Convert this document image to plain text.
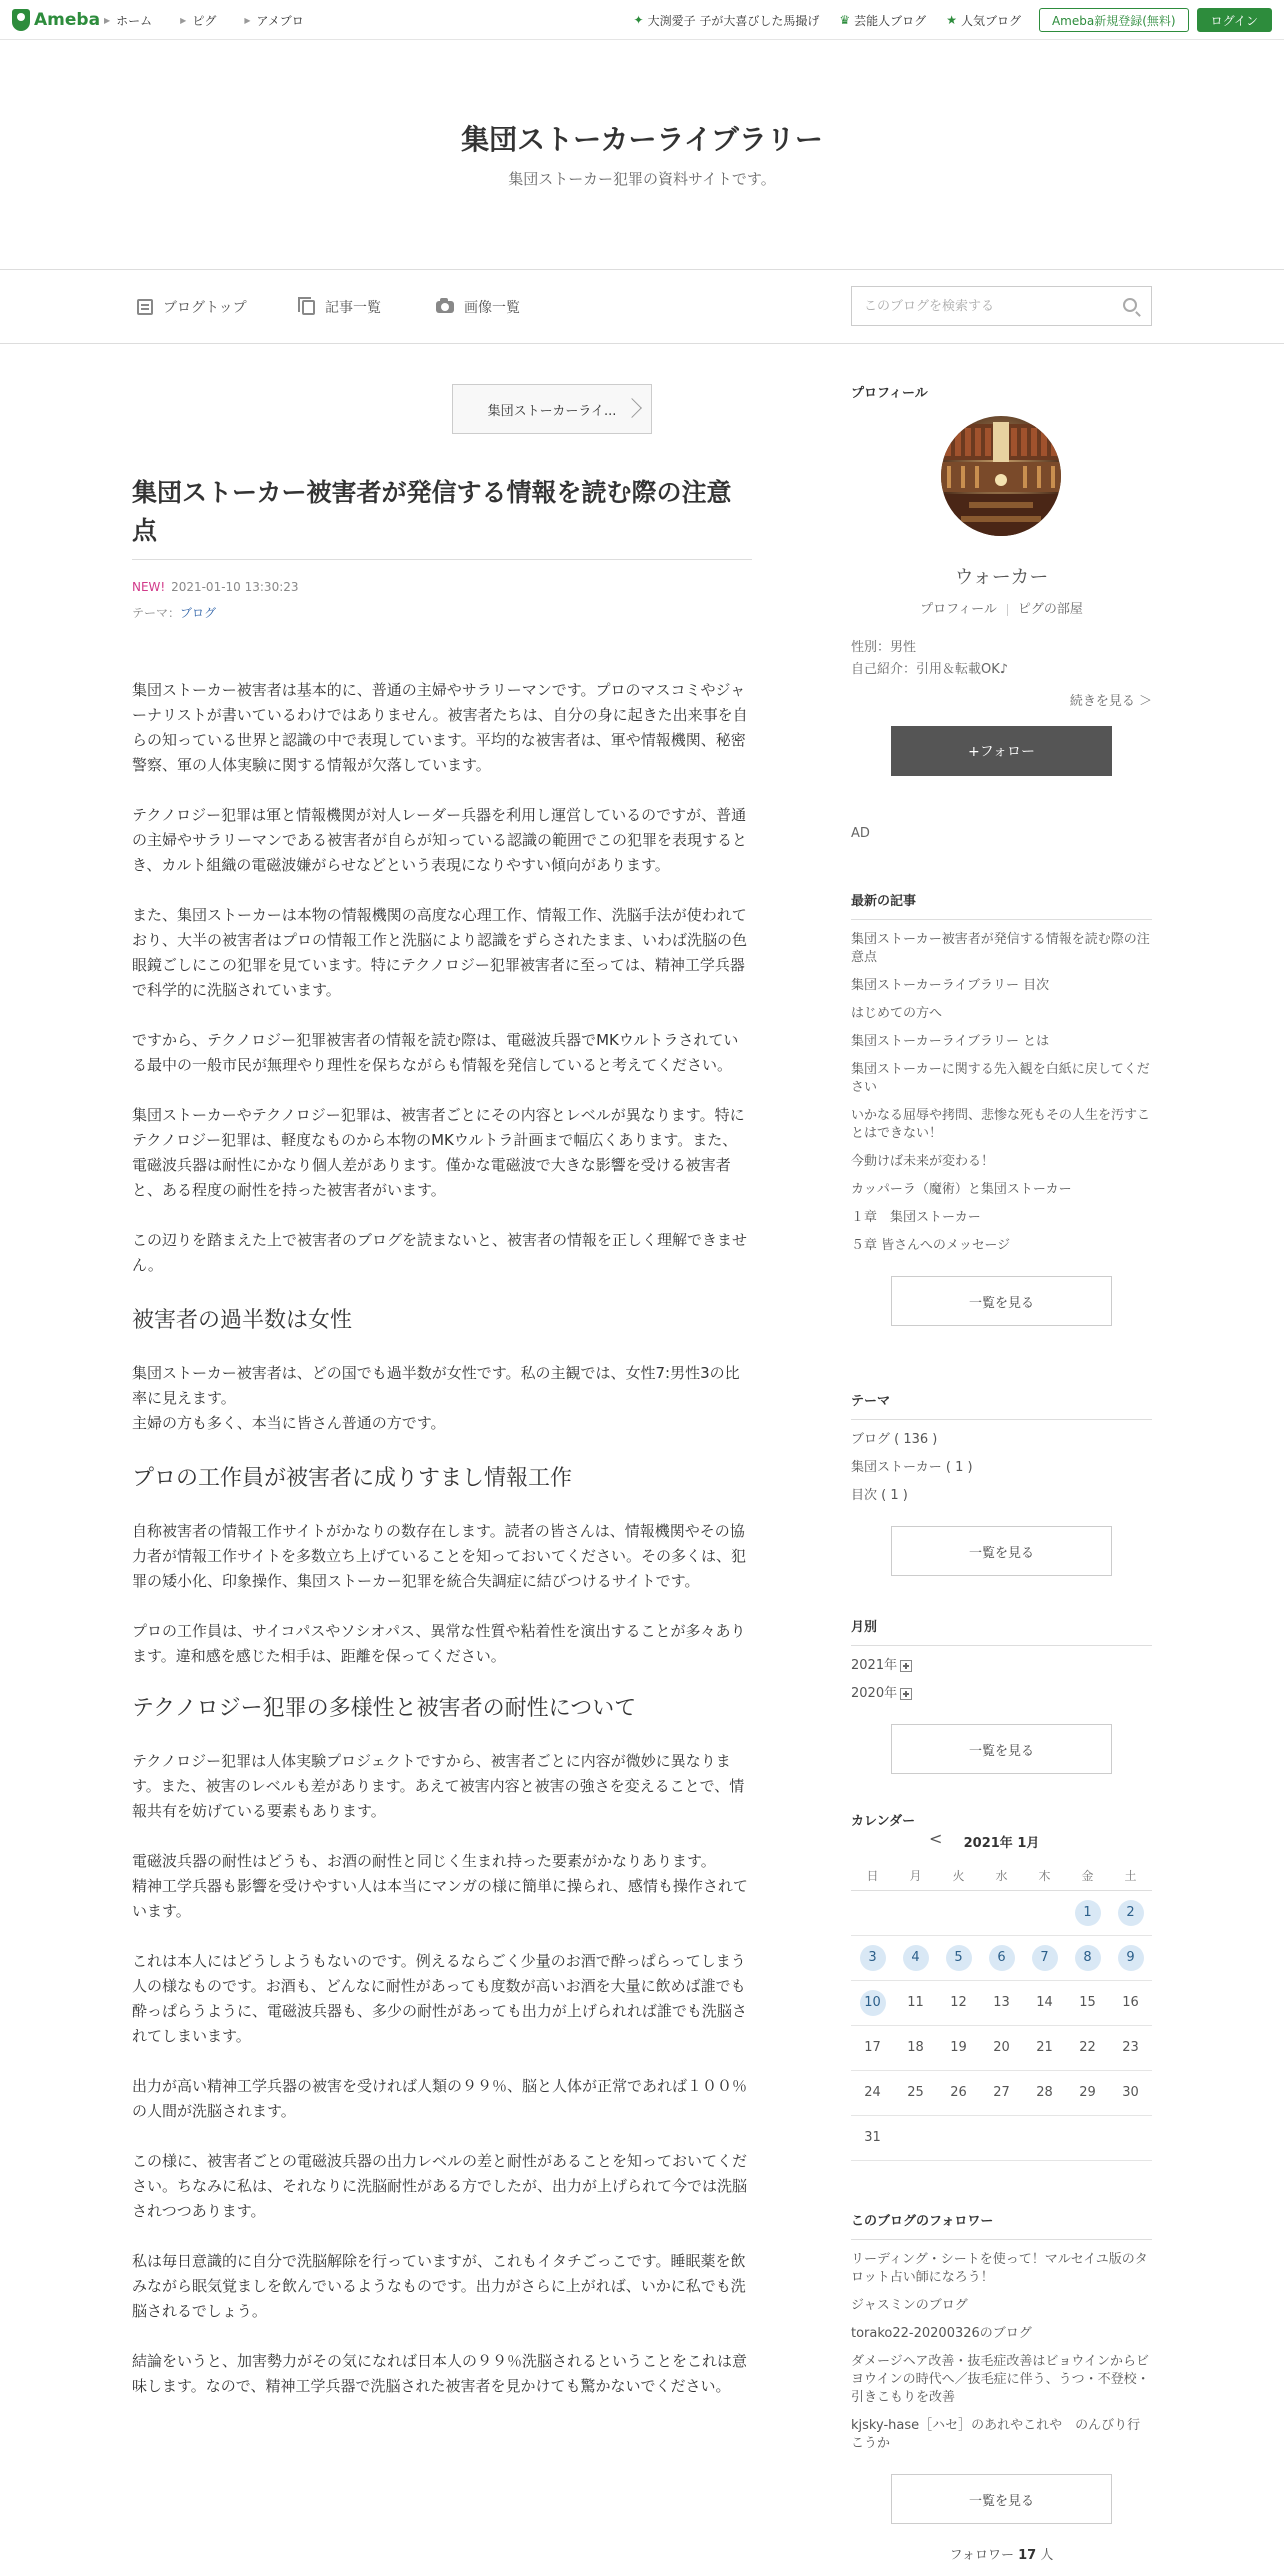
Ameba ▶ ホーム	▶ ピグ	▶ アメブロ	✦ 大渕愛子 子が大喜びした馬撮げ ♛ 芸能人ブログ ★ 人気ブログ	Ameba新規登録(無料)	ログイン
集団ストーカーライブラリー
集団ストーカー犯罪の資料サイトです。
ブログトップ	記事一覧	画像一覧
このブログを検索する
集団ストーカーライ...
集団ストーカー被害者が発信する情報を読む際の注意点
NEW! 2021-01-10 13:30:23
テーマ：ブログ

集団ストーカー被害者は基本的に、普通の主婦やサラリーマンです。プロのマスコミやジャーナリストが書いているわけではありません。被害者たちは、自分の身に起きた出来事を自らの知っている世界と認識の中で表現しています。平均的な被害者は、軍や情報機関、秘密警察、軍の人体実験に関する情報が欠落しています。

テクノロジー犯罪は軍と情報機関が対人レーダー兵器を利用し運営しているのですが、普通の主婦やサラリーマンである被害者が自らが知っている認識の範囲でこの犯罪を表現するとき、カルト組織の電磁波嫌がらせなどという表現になりやすい傾向があります。

また、集団ストーカーは本物の情報機関の高度な心理工作、情報工作、洗脳手法が使われており、大半の被害者はプロの情報工作と洗脳により認識をずらされたまま、いわば洗脳の色眼鏡ごしにこの犯罪を見ています。特にテクノロジー犯罪被害者に至っては、精神工学兵器で科学的に洗脳されています。

ですから、テクノロジー犯罪被害者の情報を読む際は、電磁波兵器でMKウルトラされている最中の一般市民が無理やり理性を保ちながらも情報を発信していると考えてください。

集団ストーカーやテクノロジー犯罪は、被害者ごとにその内容とレベルが異なります。特にテクノロジー犯罪は、軽度なものから本物のMKウルトラ計画まで幅広くあります。また、電磁波兵器は耐性にかなり個人差があります。僅かな電磁波で大きな影響を受ける被害者と、ある程度の耐性を持った被害者がいます。

この辺りを踏まえた上で被害者のブログを読まないと、被害者の情報を正しく理解できません。

被害者の過半数は女性

集団ストーカー被害者は、どの国でも過半数が女性です。私の主観では、女性7:男性3の比率に見えます。
主婦の方も多く、本当に皆さん普通の方です。

プロの工作員が被害者に成りすまし情報工作

自称被害者の情報工作サイトがかなりの数存在します。読者の皆さんは、情報機関やその協力者が情報工作サイトを多数立ち上げていることを知っておいてください。その多くは、犯罪の矮小化、印象操作、集団ストーカー犯罪を統合失調症に結びつけるサイトです。

プロの工作員は、サイコパスやソシオパス、異常な性質や粘着性を演出することが多々あります。違和感を感じた相手は、距離を保ってください。

テクノロジー犯罪の多様性と被害者の耐性について

テクノロジー犯罪は人体実験プロジェクトですから、被害者ごとに内容が微妙に異なります。また、被害のレベルも差があります。あえて被害内容と被害の強さを変えることで、情報共有を妨げている要素もあります。

電磁波兵器の耐性はどうも、お酒の耐性と同じく生まれ持った要素がかなりあります。
精神工学兵器も影響を受けやすい人は本当にマンガの様に簡単に操られ、感情も操作されています。

これは本人にはどうしようもないのです。例えるならごく少量のお酒で酔っぱらってしまう人の様なものです。お酒も、どんなに耐性があっても度数が高いお酒を大量に飲めば誰でも酔っぱらうように、電磁波兵器も、多少の耐性があっても出力が上げられれば誰でも洗脳されてしまいます。

出力が高い精神工学兵器の被害を受ければ人類の９９％、脳と人体が正常であれば１００％の人間が洗脳されます。

この様に、被害者ごとの電磁波兵器の出力レベルの差と耐性があることを知っておいてください。ちなみに私は、それなりに洗脳耐性がある方でしたが、出力が上げられて今では洗脳されつつあります。

私は毎日意識的に自分で洗脳解除を行っていますが、これもイタチごっこです。睡眠薬を飲みながら眠気覚ましを飲んでいるようなものです。出力がさらに上がれば、いかに私でも洗脳されるでしょう。

結論をいうと、加害勢力がその気になれば日本人の９９％洗脳されるということをこれは意味します。なので、精神工学兵器で洗脳された被害者を見かけても驚かないでください。

プロフィール
ウォーカー
プロフィール ピグの部屋
性別：男性
自己紹介：引用＆転載OK♪
続きを見る ＞
+フォロー
AD
最新の記事
集団ストーカー被害者が発信する情報を読む際の注意点
集団ストーカーライブラリー 目次
はじめての方へ
集団ストーカーライブラリー とは
集団ストーカーに関する先入観を白紙に戻してください
いかなる屈辱や拷問、悲惨な死もその人生を汚すことはできない！
今動けば未来が変わる！
カッパーラ（魔術）と集団ストーカー
１章　集団ストーカー
５章 皆さんへのメッセージ
一覧を見る
テーマ
ブログ ( 136 )
集団ストーカー ( 1 )
目次 ( 1 )
一覧を見る
月別
2021年
2020年
一覧を見る
カレンダー
<	2021年 1月
日	月	火	水	木	金	土
					1	2
3	4	5	6	7	8	9
10	11	12	13	14	15	16
17	18	19	20	21	22	23
24	25	26	27	28	29	30
31						
このブログのフォロワー
リーディング・シートを使って！マルセイユ版のタロット占い師になろう！
ジャスミンのブログ
torako22-20200326のブログ
ダメージヘア改善・抜毛症改善はビョウインからビヨウインの時代へ／抜毛症に伴う、うつ・不登校・引きこもりを改善
kjsky-hase［ハセ］のあれやこれや　のんびり行こうか
一覧を見る
フォロワー 17 人
